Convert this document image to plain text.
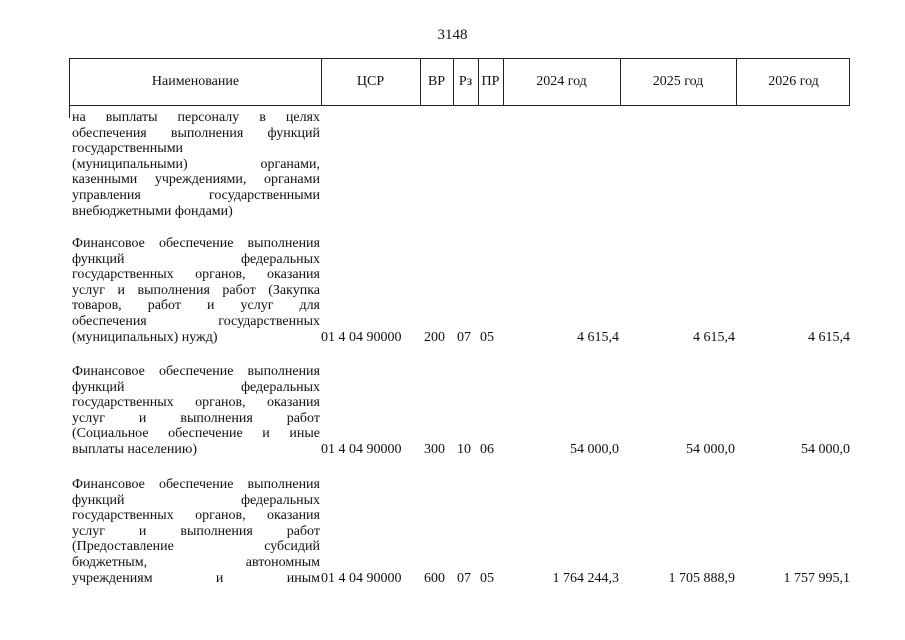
3148
Наименование	ЦСР	ВР Рз ПР	2024 год	2025 год	2026 год
на выплаты персоналу в целях
обеспечения выполнения функций
государственными
(муниципальными) органами,
казенными учреждениями, органами
управления государственными
внебюджетными фондами)
Финансовое обеспечение выполнения
функций федеральных
государственных органов, оказания
услуг и выполнения работ (Закупка
товаров, работ и услуг для
обеспечения государственных
(муниципальных) нужд)	01 4 04 90000	200 07 05	4 615,4	4 615,4	4 615,4
Финансовое обеспечение выполнения
функций федеральных
государственных органов, оказания
услуг и выполнения работ
(Социальное обеспечение и иные
выплаты населению)	01 4 04 90000	300 10 06	54 000,0	54 000,0	54 000,0
Финансовое обеспечение выполнения
функций федеральных
государственных органов, оказания
услуг и выполнения работ
(Предоставление субсидий
бюджетным, автономным
учреждениям и иным 01 4 04 90000	600 07 05	1 764 244,3	1 705 888,9	1 757 995,1
